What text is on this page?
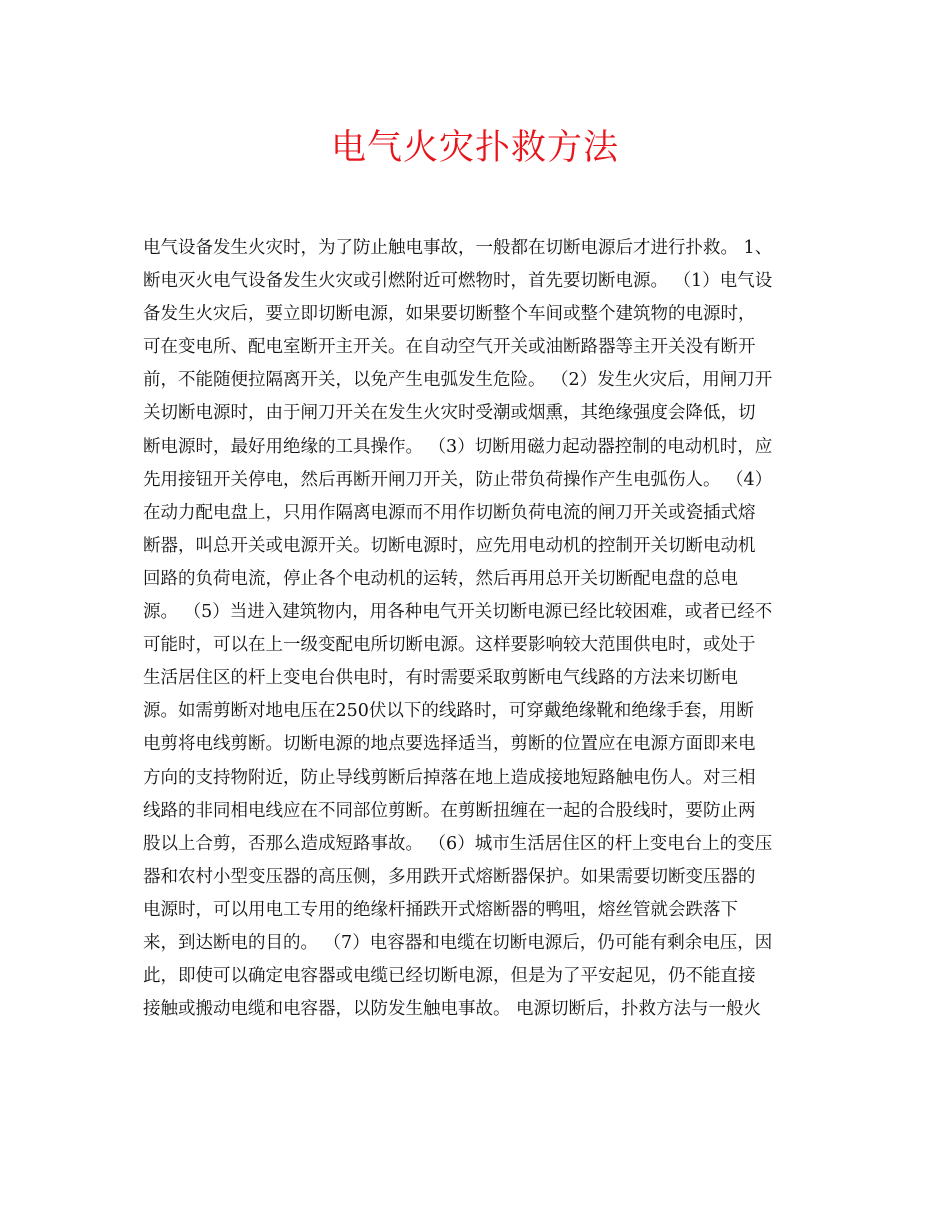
电气火灾扑救方法
电气设备发生火灾时，为了防止触电事故，一般都在切断电源后才进行扑救。 1、
断电灭火电气设备发生火灾或引燃附近可燃物时，首先要切断电源。 （1）电气设
备发生火灾后，要立即切断电源，如果要切断整个车间或整个建筑物的电源时，
可在变电所、配电室断开主开关。在自动空气开关或油断路器等主开关没有断开
前，不能随便拉隔离开关，以免产生电弧发生危险。 （2）发生火灾后，用闸刀开
关切断电源时，由于闸刀开关在发生火灾时受潮或烟熏，其绝缘强度会降低，切
断电源时，最好用绝缘的工具操作。 （3）切断用磁力起动器控制的电动机时，应
先用接钮开关停电，然后再断开闸刀开关，防止带负荷操作产生电弧伤人。 （4）
在动力配电盘上，只用作隔离电源而不用作切断负荷电流的闸刀开关或瓷插式熔
断器，叫总开关或电源开关。切断电源时，应先用电动机的控制开关切断电动机
回路的负荷电流，停止各个电动机的运转，然后再用总开关切断配电盘的总电
源。 （5）当进入建筑物内，用各种电气开关切断电源已经比较困难，或者已经不
可能时，可以在上一级变配电所切断电源。这样要影响较大范围供电时，或处于
生活居住区的杆上变电台供电时，有时需要采取剪断电气线路的方法来切断电
源。如需剪断对地电压在250伏以下的线路时，可穿戴绝缘靴和绝缘手套，用断
电剪将电线剪断。切断电源的地点要选择适当，剪断的位置应在电源方面即来电
方向的支持物附近，防止导线剪断后掉落在地上造成接地短路触电伤人。对三相
线路的非同相电线应在不同部位剪断。在剪断扭缠在一起的合股线时，要防止两
股以上合剪，否那么造成短路事故。 （6）城市生活居住区的杆上变电台上的变压
器和农村小型变压器的高压侧，多用跌开式熔断器保护。如果需要切断变压器的
电源时，可以用电工专用的绝缘杆捅跌开式熔断器的鸭咀，熔丝管就会跌落下
来，到达断电的目的。 （7）电容器和电缆在切断电源后，仍可能有剩余电压，因
此，即使可以确定电容器或电缆已经切断电源，但是为了平安起见，仍不能直接
接触或搬动电缆和电容器，以防发生触电事故。 电源切断后，扑救方法与一般火
